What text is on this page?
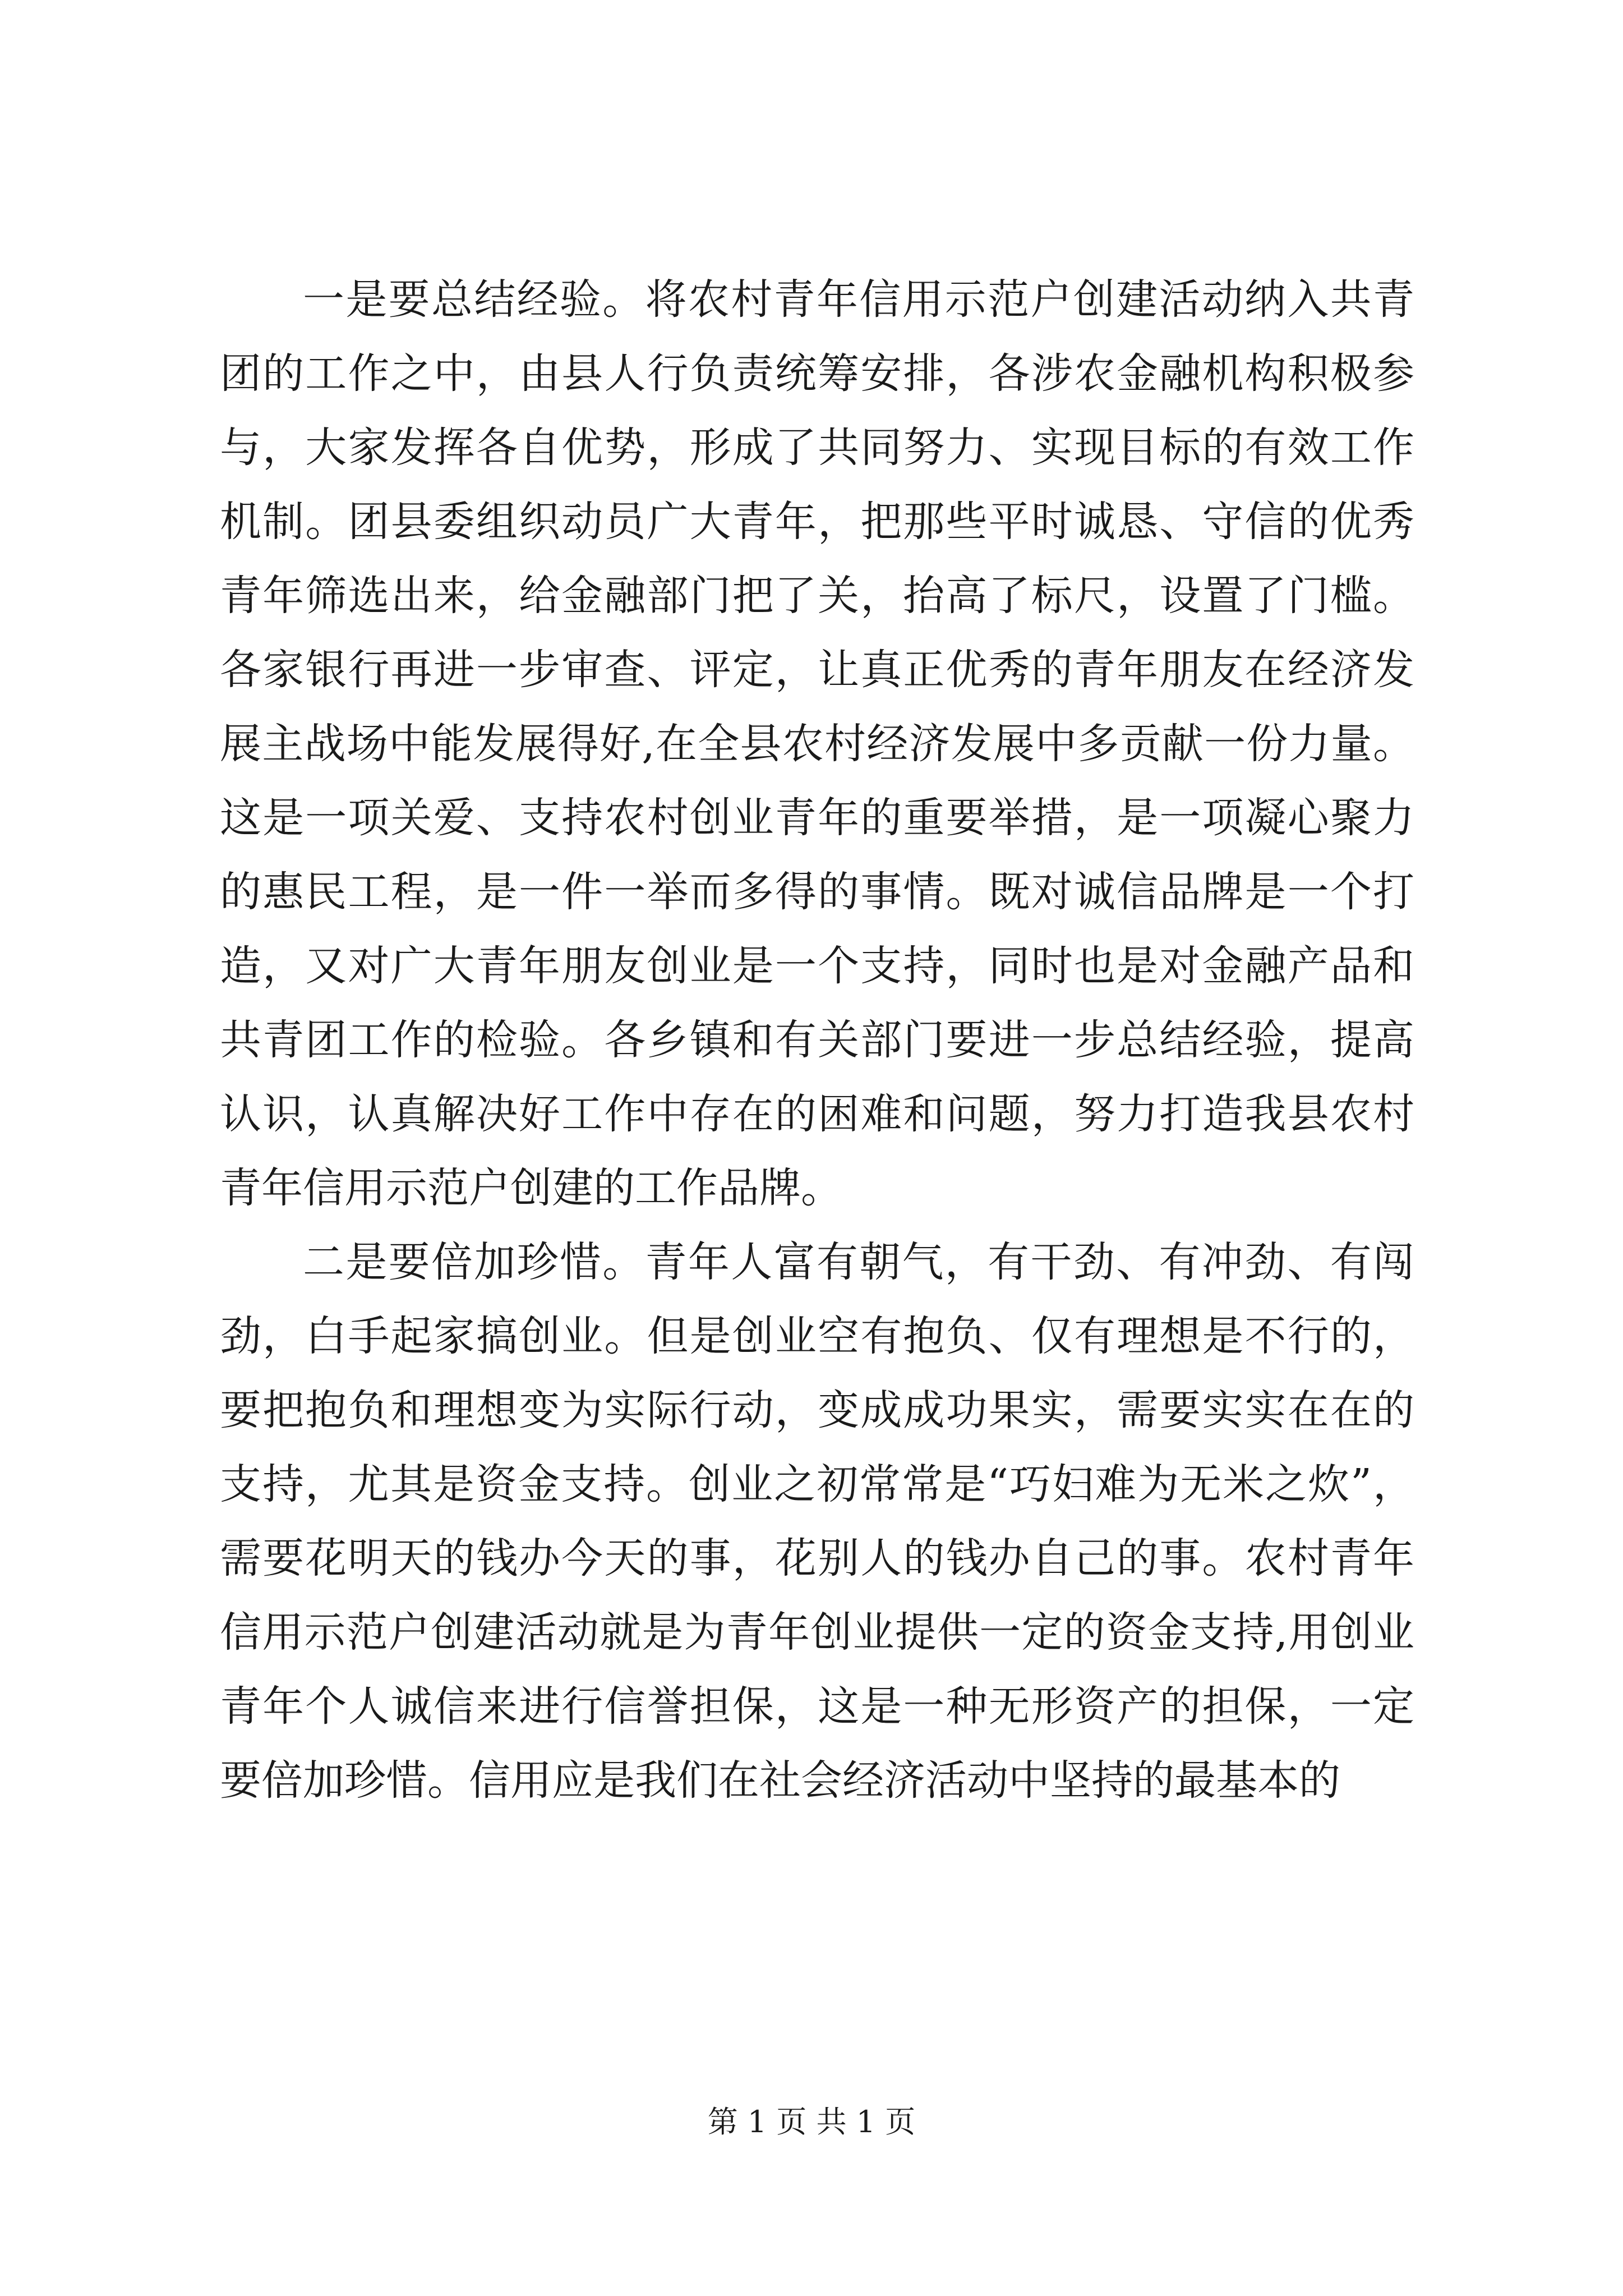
一是要总结经验。将农村青年信用示范户创建活动纳入共青团的工作之中，由县人行负责统筹安排，各涉农金融机构积极参与，大家发挥各自优势，形成了共同努力、实现目标的有效工作机制。团县委组织动员广大青年，把那些平时诚恳、守信的优秀青年筛选出来，给金融部门把了关，抬高了标尺，设置了门槛。各家银行再进一步审查、评定，让真正优秀的青年朋友在经济发展主战场中能发展得好,在全县农村经济发展中多贡献一份力量。这是一项关爱、支持农村创业青年的重要举措，是一项凝心聚力的惠民工程，是一件一举而多得的事情。既对诚信品牌是一个打造，又对广大青年朋友创业是一个支持，同时也是对金融产品和共青团工作的检验。各乡镇和有关部门要进一步总结经验，提高认识，认真解决好工作中存在的困难和问题，努力打造我县农村青年信用示范户创建的工作品牌。

二是要倍加珍惜。青年人富有朝气，有干劲、有冲劲、有闯劲，白手起家搞创业。但是创业空有抱负、仅有理想是不行的，要把抱负和理想变为实际行动，变成成功果实，需要实实在在的支持，尤其是资金支持。创业之初常常是“巧妇难为无米之炊”，需要花明天的钱办今天的事，花别人的钱办自己的事。农村青年信用示范户创建活动就是为青年创业提供一定的资金支持,用创业青年个人诚信来进行信誉担保，这是一种无形资产的担保，一定要倍加珍惜。信用应是我们在社会经济活动中坚持的最基本的

第 1 页 共 1 页
